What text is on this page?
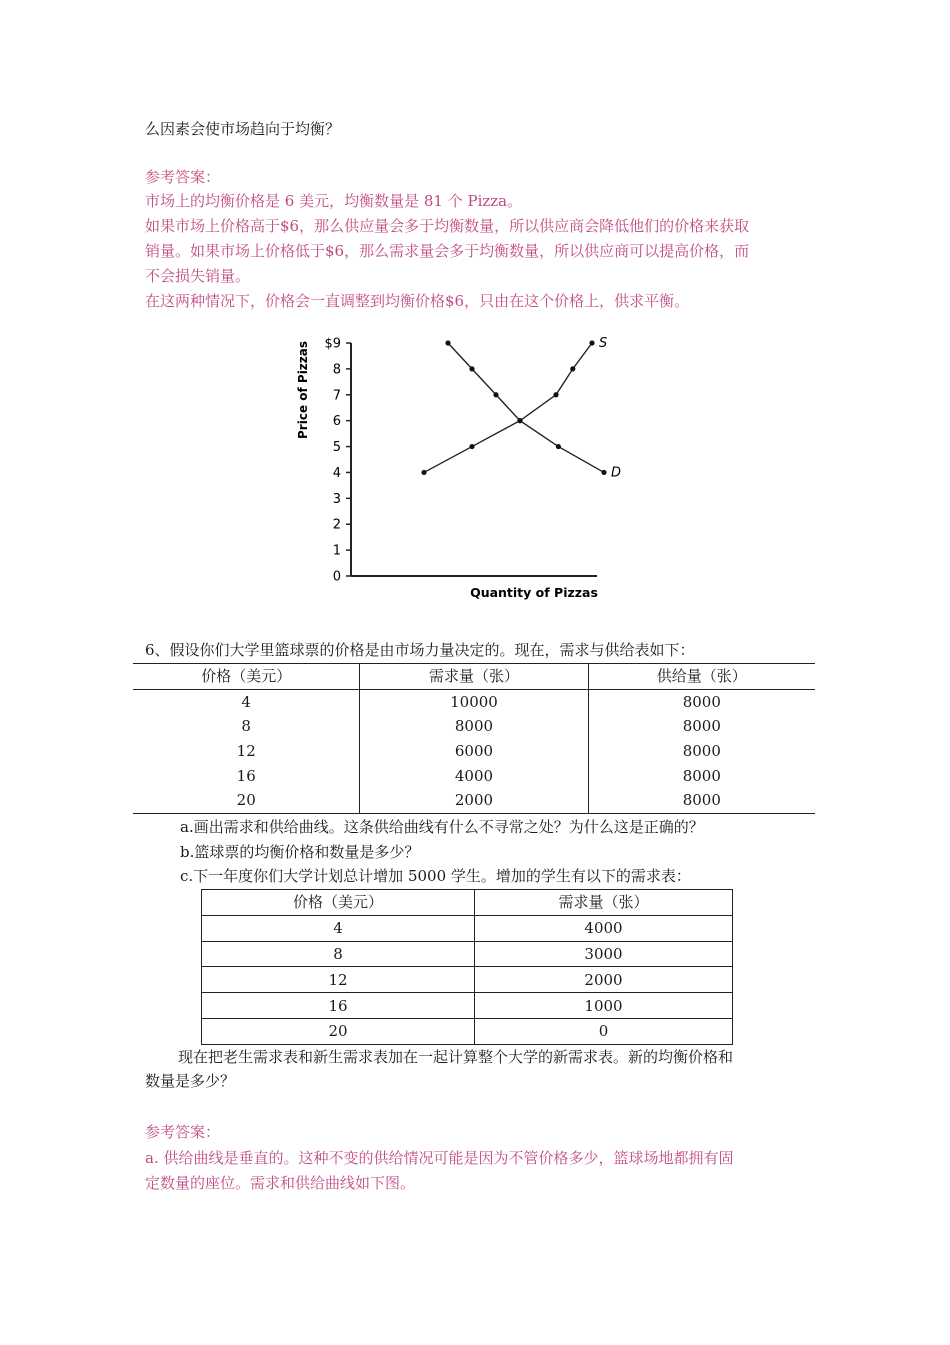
么因素会使市场趋向于均衡？
参考答案：
市场上的均衡价格是 6 美元，均衡数量是 81 个 Pizza。
如果市场上价格高于$6，那么供应量会多于均衡数量，所以供应商会降低他们的价格来获取
销量。如果市场上价格低于$6，那么需求量会多于均衡数量，所以供应商可以提高价格，而
不会损失销量。
在这两种情况下，价格会一直调整到均衡价格$6，只由在这个价格上，供求平衡。
Price of Pizzas
Quantity of Pizzas
0
1
2
3
4
5
6
7
8
$9	S
D
6、假设你们大学里篮球票的价格是由市场力量决定的。现在，需求与供给表如下：
价格（美元）	需求量（张）	供给量（张）
4	10000	8000
8	8000	8000
12	6000	8000
16	4000	8000
20	2000	8000
a.画出需求和供给曲线。这条供给曲线有什么不寻常之处？为什么这是正确的？
b.篮球票的均衡价格和数量是多少？
c.下一年度你们大学计划总计增加 5000 学生。增加的学生有以下的需求表：
价格（美元）	需求量（张）
4	4000
8	3000
12	2000
16	1000
20	0
现在把老生需求表和新生需求表加在一起计算整个大学的新需求表。新的均衡价格和
数量是多少？
参考答案：
a. 供给曲线是垂直的。这种不变的供给情况可能是因为不管价格多少，篮球场地都拥有固
定数量的座位。需求和供给曲线如下图。
